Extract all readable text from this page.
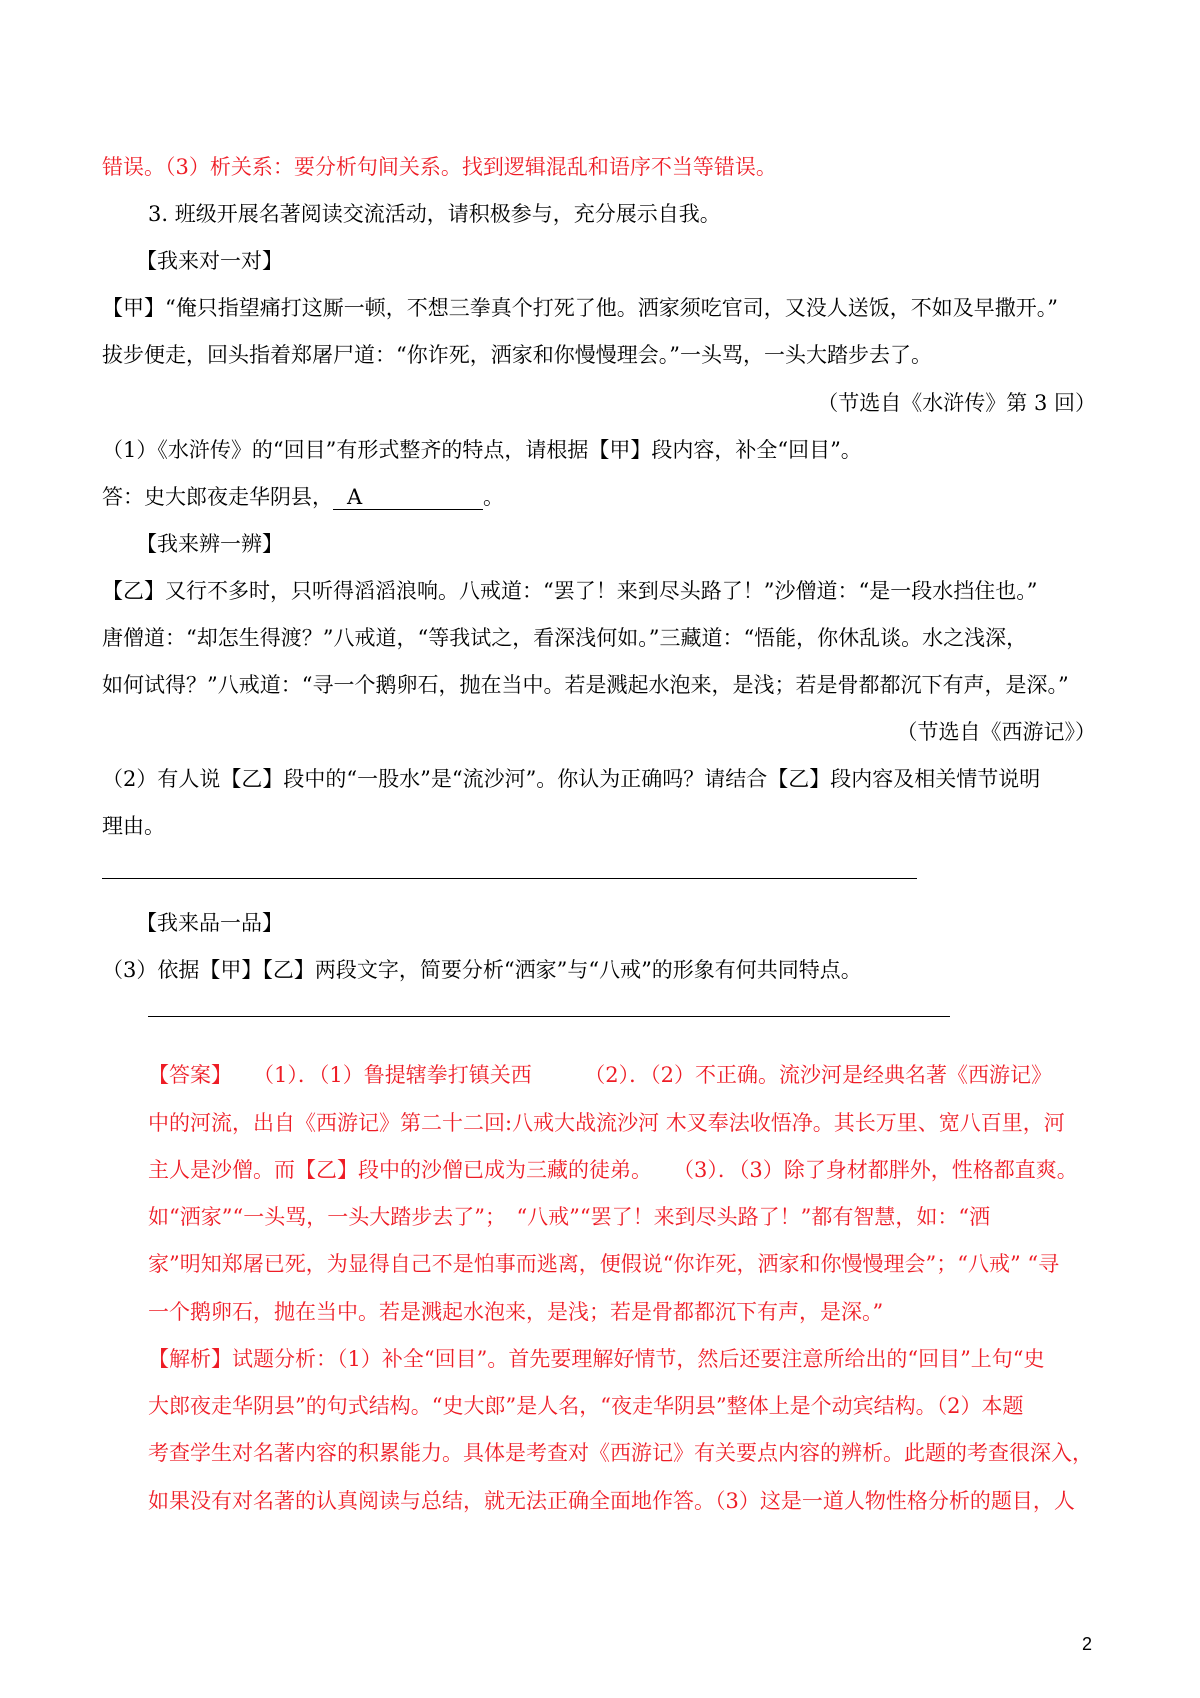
错误。（3）析关系：要分析句间关系。找到逻辑混乱和语序不当等错误。
3. 班级开展名著阅读交流活动，请积极参与，充分展示自我。
【我来对一对】
【甲】“俺只指望痛打这厮一顿，不想三拳真个打死了他。洒家须吃官司，又没人送饭，不如及早撒开。”
拔步便走，回头指着郑屠尸道：“你诈死，洒家和你慢慢理会。”一头骂，一头大踏步去了。
（节选自《水浒传》第 3 回）
（1）《水浒传》的“回目”有形式整齐的特点，请根据【甲】段内容，补全“回目”。
答：史大郎夜走华阴县， A	。
【我来辨一辨】
【乙】又行不多时，只听得滔滔浪响。八戒道：“罢了！来到尽头路了！”沙僧道：“是一段水挡住也。”
唐僧道：“却怎生得渡？”八戒道，“等我试之，看深浅何如。”三藏道：“悟能，你休乱谈。水之浅深，
如何试得？”八戒道：“寻一个鹅卵石，抛在当中。若是溅起水泡来，是浅；若是骨都都沉下有声，是深。”
（节选自《西游记》）
（2）有人说【乙】段中的“一股水”是“流沙河”。你认为正确吗？请结合【乙】段内容及相关情节说明
理由。
【我来品一品】
（3）依据【甲】【乙】两段文字，简要分析“洒家”与“八戒”的形象有何共同特点。
【答案】　　（1）．（1）鲁提辖拳打镇关西　　　（2）．（2）不正确。流沙河是经典名著《西游记》
中的河流，出自《西游记》第二十二回:八戒大战流沙河 木叉奉法收悟净。其长万里、宽八百里，河
主人是沙僧。而【乙】段中的沙僧已成为三藏的徒弟。　　（3）．（3）除了身材都胖外，性格都直爽。
如“洒家”“一头骂，一头大踏步去了”；　“八戒”“罢了！来到尽头路了！”都有智慧，如：“洒
家”明知郑屠已死，为显得自己不是怕事而逃离，便假说“你诈死，洒家和你慢慢理会”；“八戒” “寻
一个鹅卵石，抛在当中。若是溅起水泡来，是浅；若是骨都都沉下有声，是深。”
【解析】试题分析：（1）补全“回目”。首先要理解好情节，然后还要注意所给出的“回目”上句“史
大郎夜走华阴县”的句式结构。“史大郎”是人名，“夜走华阴县”整体上是个动宾结构。（2）本题
考查学生对名著内容的积累能力。具体是考查对《西游记》有关要点内容的辨析。此题的考查很深入，
如果没有对名著的认真阅读与总结，就无法正确全面地作答。（3）这是一道人物性格分析的题目，人
2
